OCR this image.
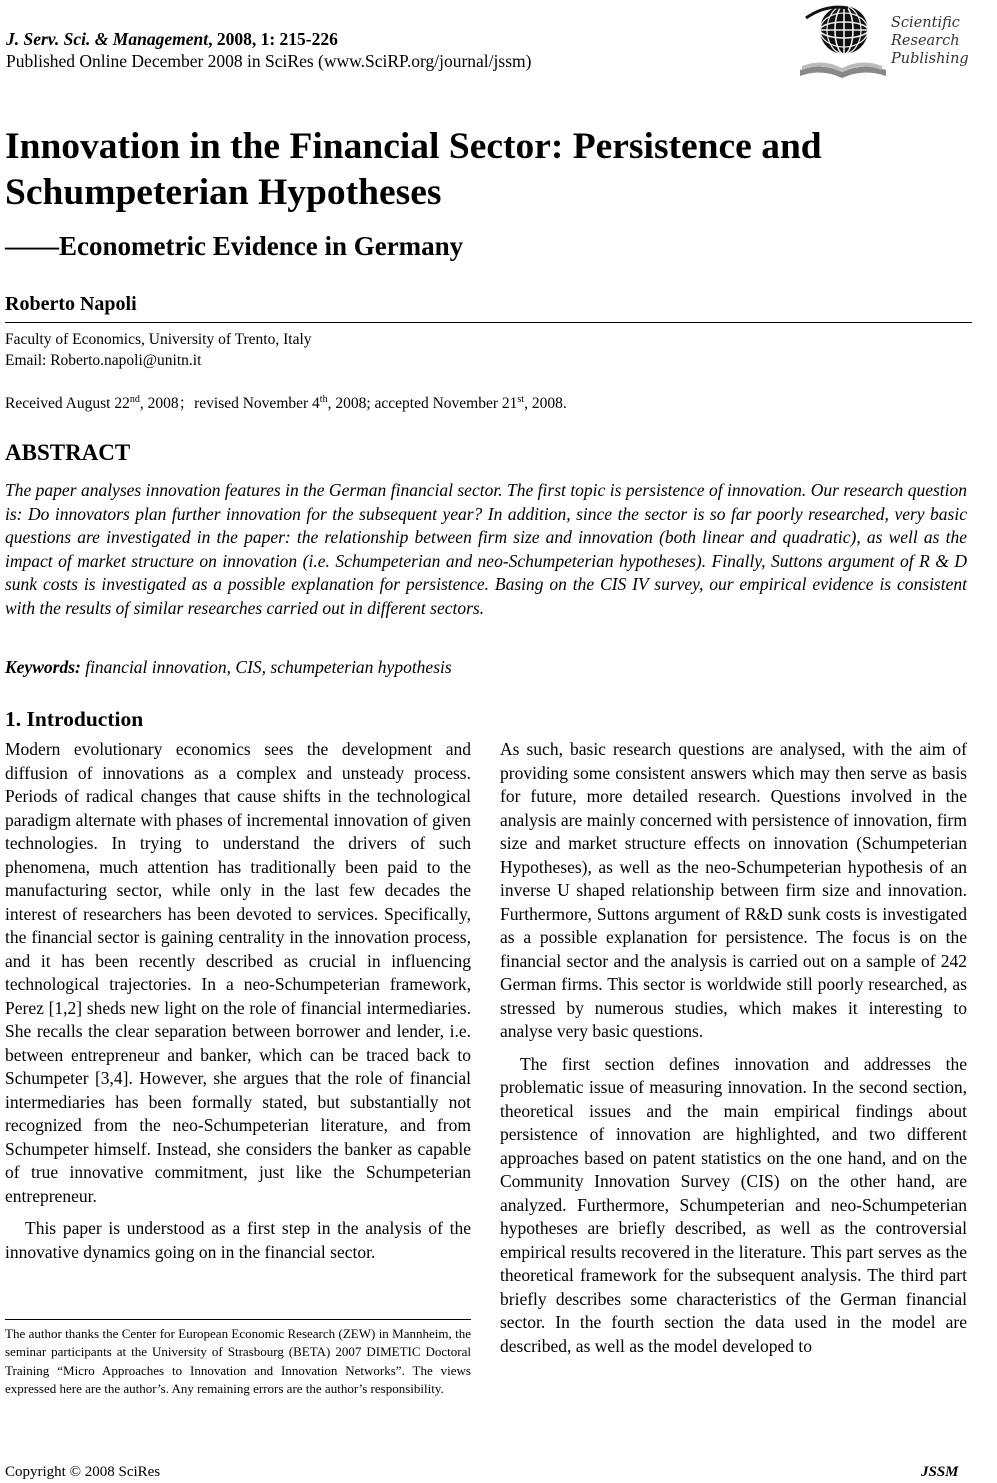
J. Serv. Sci. & Management, 2008, 1: 215-226
Published Online December 2008 in SciRes (www.SciRP.org/journal/jssm)
Scientific
Research
Publishing
Innovation in the Financial Sector: Persistence and Schumpeterian Hypotheses
——Econometric Evidence in Germany
Roberto Napoli
Faculty of Economics, University of Trento, Italy
Email: Roberto.napoli@unitn.it
Received August 22nd, 2008；revised November 4th, 2008; accepted November 21st, 2008.
ABSTRACT
The paper analyses innovation features in the German financial sector. The first topic is persistence of innovation. Our research question is: Do innovators plan further innovation for the subsequent year? In addition, since the sector is so far poorly researched, very basic questions are investigated in the paper: the relationship between firm size and innovation (both linear and quadratic), as well as the impact of market structure on innovation (i.e. Schumpeterian and neo-Schumpeterian hypotheses). Finally, Suttons argument of R & D sunk costs is investigated as a possible explanation for persistence. Basing on the CIS IV survey, our empirical evidence is consistent with the results of similar researches carried out in different sectors.
Keywords: financial innovation, CIS, schumpeterian hypothesis
1. Introduction

Modern evolutionary economics sees the development and diffusion of innovations as a complex and unsteady process. Periods of radical changes that cause shifts in the technological paradigm alternate with phases of incremental innovation of given technologies. In trying to understand the drivers of such phenomena, much attention has traditionally been paid to the manufacturing sector, while only in the last few decades the interest of researchers has been devoted to services. Specifically, the financial sector is gaining centrality in the innovation process, and it has been recently described as crucial in influencing technological trajectories. In a neo-Schumpeterian framework, Perez [1,2] sheds new light on the role of financial intermediaries. She recalls the clear separation between borrower and lender, i.e. between entrepreneur and banker, which can be traced back to Schumpeter [3,4]. However, she argues that the role of financial intermediaries has been formally stated, but substantially not recognized from the neo-Schumpeterian literature, and from Schumpeter himself. Instead, she considers the banker as capable of true innovative commitment, just like the Schumpeterian entrepreneur.

This paper is understood as a first step in the analysis of the innovative dynamics going on in the financial sector.

As such, basic research questions are analysed, with the aim of providing some consistent answers which may then serve as basis for future, more detailed research. Questions involved in the analysis are mainly concerned with persistence of innovation, firm size and market structure effects on innovation (Schumpeterian Hypotheses), as well as the neo-Schumpeterian hypothesis of an inverse U shaped relationship between firm size and innovation. Furthermore, Suttons argument of R&D sunk costs is investigated as a possible explanation for persistence. The focus is on the financial sector and the analysis is carried out on a sample of 242 German firms. This sector is worldwide still poorly researched, as stressed by numerous studies, which makes it interesting to analyse very basic questions.

The first section defines innovation and addresses the problematic issue of measuring innovation. In the second section, theoretical issues and the main empirical findings about persistence of innovation are highlighted, and two different approaches based on patent statistics on the one hand, and on the Community Innovation Survey (CIS) on the other hand, are analyzed. Furthermore, Schumpeterian and neo-Schumpeterian hypotheses are briefly described, as well as the controversial empirical results recovered in the literature. This part serves as the theoretical framework for the subsequent analysis. The third part briefly describes some characteristics of the German financial sector. In the fourth section the data used in the model are described, as well as the model developed to

The author thanks the Center for European Economic Research (ZEW) in Mannheim, the seminar participants at the University of Strasbourg (BETA) 2007 DIMETIC Doctoral Training “Micro Approaches to Innovation and Innovation Networks”. The views expressed here are the author’s. Any remaining errors are the author’s responsibility.
Copyright © 2008 SciRes	JSSM
